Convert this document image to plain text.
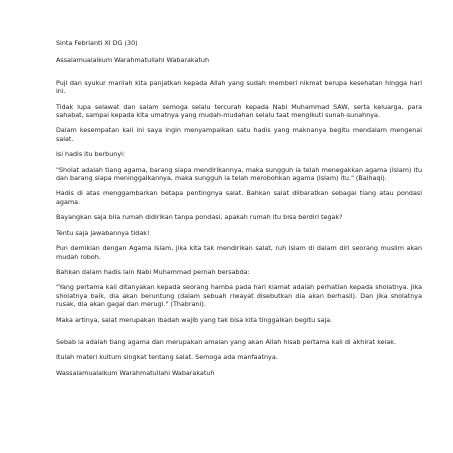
Sinta Febrianti XI DG (30)

Assalamualaikum Warahmatullahi Wabarakatuh

Puji dan syukur marilah kita panjatkan kepada Allah yang sudah memberi nikmat berupa kesehatan hingga hari ini.

Tidak lupa selawat dan salam semoga selalu tercurah kepada Nabi Muhammad SAW, serta keluarga, para sahabat, sampai kepada kita umatnya yang mudah-mudahan selalu taat mengikuti sunah-sunahnya.

Dalam kesempatan kali ini saya ingin menyampaikan satu hadis yang maknanya begitu mendalam mengenai salat.

Isi hadis itu berbunyi:

"Sholat adalah tiang agama, barang siapa mendirikannya, maka sungguh ia telah menegakkan agama (Islam) itu dan barang siapa meninggalkannya, maka sungguh ia telah merobohkan agama (Islam) itu." (Baihaqi).

Hadis di atas menggambarkan betapa pentingnya salat. Bahkan salat diibaratkan sebagai tiang atau pondasi agama.

Bayangkan saja bila rumah didirikan tanpa pondasi, apakah rumah itu bisa berdiri tegak?

Tentu saja jawabannya tidak!

Pun demikian dengan Agama Islam, jika kita tak mendirikan salat, ruh Islam di dalam diri seorang muslim akan mudah roboh.

Bahkan dalam hadis lain Nabi Muhammad pernah bersabda:

"Yang pertama kali ditanyakan kepada seorang hamba pada hari kiamat adalah perhatian kepada sholatnya. Jika sholatnya baik, dia akan beruntung (dalam sebuah riwayat disebutkan dia akan berhasil). Dan jika sholatnya rusak, dia akan gagal dan merugi." (Thabrani).

Maka artinya, salat merupakan ibadah wajib yang tak bisa kita tinggalkan begitu saja.

Sebab ia adalah tiang agama dan merupakan amalan yang akan Allah hisab pertama kali di akhirat kelak.

Itulah materi kultum singkat tentang salat. Semoga ada manfaatnya.

Wassalamualaikum Warahmatullahi Wabarakatuh
